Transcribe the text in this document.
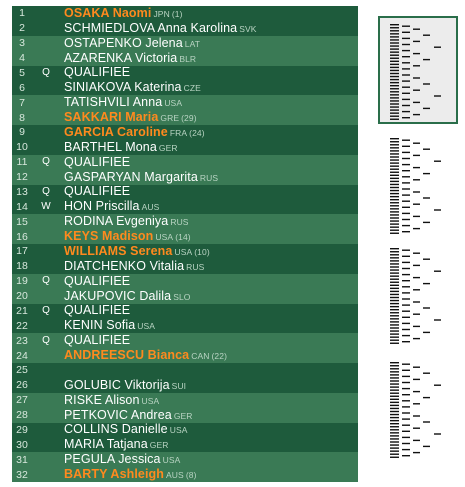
1	OSAKA Naomi JPN (1)
2	SCHMIEDLOVA Anna Karolina SVK
3	OSTAPENKO Jelena LAT
4	AZARENKA Victoria BLR
5	Q QUALIFIEE
6	SINIAKOVA Katerina CZE
7	TATISHVILI Anna USA
8	SAKKARI Maria GRE (29)
9	GARCIA Caroline FRA (24)
10	BARTHEL Mona GER
11	Q QUALIFIEE
12	GASPARYAN Margarita RUS
13	Q QUALIFIEE
14	W HON Priscilla AUS
15	RODINA Evgeniya RUS
16	KEYS Madison USA (14)
17	WILLIAMS Serena USA (10)
18	DIATCHENKO Vitalia RUS
19	Q QUALIFIEE
20	JAKUPOVIC Dalila SLO
21	Q QUALIFIEE
22	KENIN Sofia USA
23	Q QUALIFIEE
24	ANDREESCU Bianca CAN (22)
25
26	GOLUBIC Viktorija SUI
27	RISKE Alison USA
28	PETKOVIC Andrea GER
29	COLLINS Danielle USA
30	MARIA Tatjana GER
31	PEGULA Jessica USA
32	BARTY Ashleigh AUS (8)
